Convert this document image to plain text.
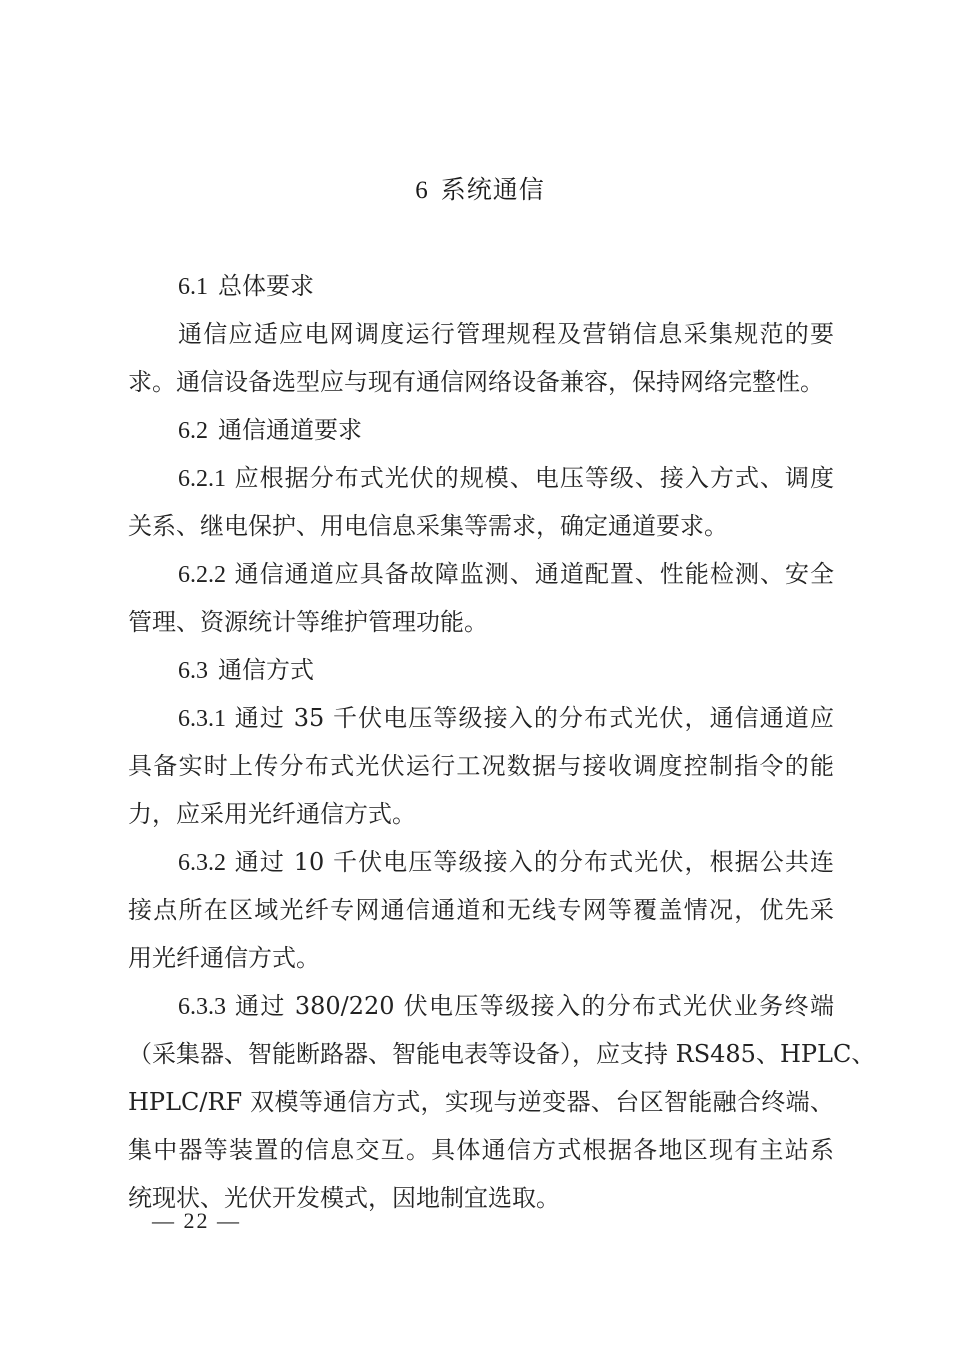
6 系统通信
6.1 总体要求
通信应适应电网调度运行管理规程及营销信息采集规范的要
求。通信设备选型应与现有通信网络设备兼容，保持网络完整性。
6.2 通信通道要求
6.2.1 应根据分布式光伏的规模、电压等级、接入方式、调度
关系、继电保护、用电信息采集等需求，确定通道要求。
6.2.2 通信通道应具备故障监测、通道配置、性能检测、安全
管理、资源统计等维护管理功能。
6.3 通信方式
6.3.1 通过 35 千伏电压等级接入的分布式光伏，通信通道应
具备实时上传分布式光伏运行工况数据与接收调度控制指令的能
力，应采用光纤通信方式。
6.3.2 通过 10 千伏电压等级接入的分布式光伏，根据公共连
接点所在区域光纤专网通信通道和无线专网等覆盖情况，优先采
用光纤通信方式。
6.3.3 通过 380/220 伏电压等级接入的分布式光伏业务终端
（采集器、智能断路器、智能电表等设备），应支持 RS485、HPLC、
HPLC/RF 双模等通信方式，实现与逆变器、台区智能融合终端、
集中器等装置的信息交互。具体通信方式根据各地区现有主站系
统现状、光伏开发模式，因地制宜选取。
— 22 —
